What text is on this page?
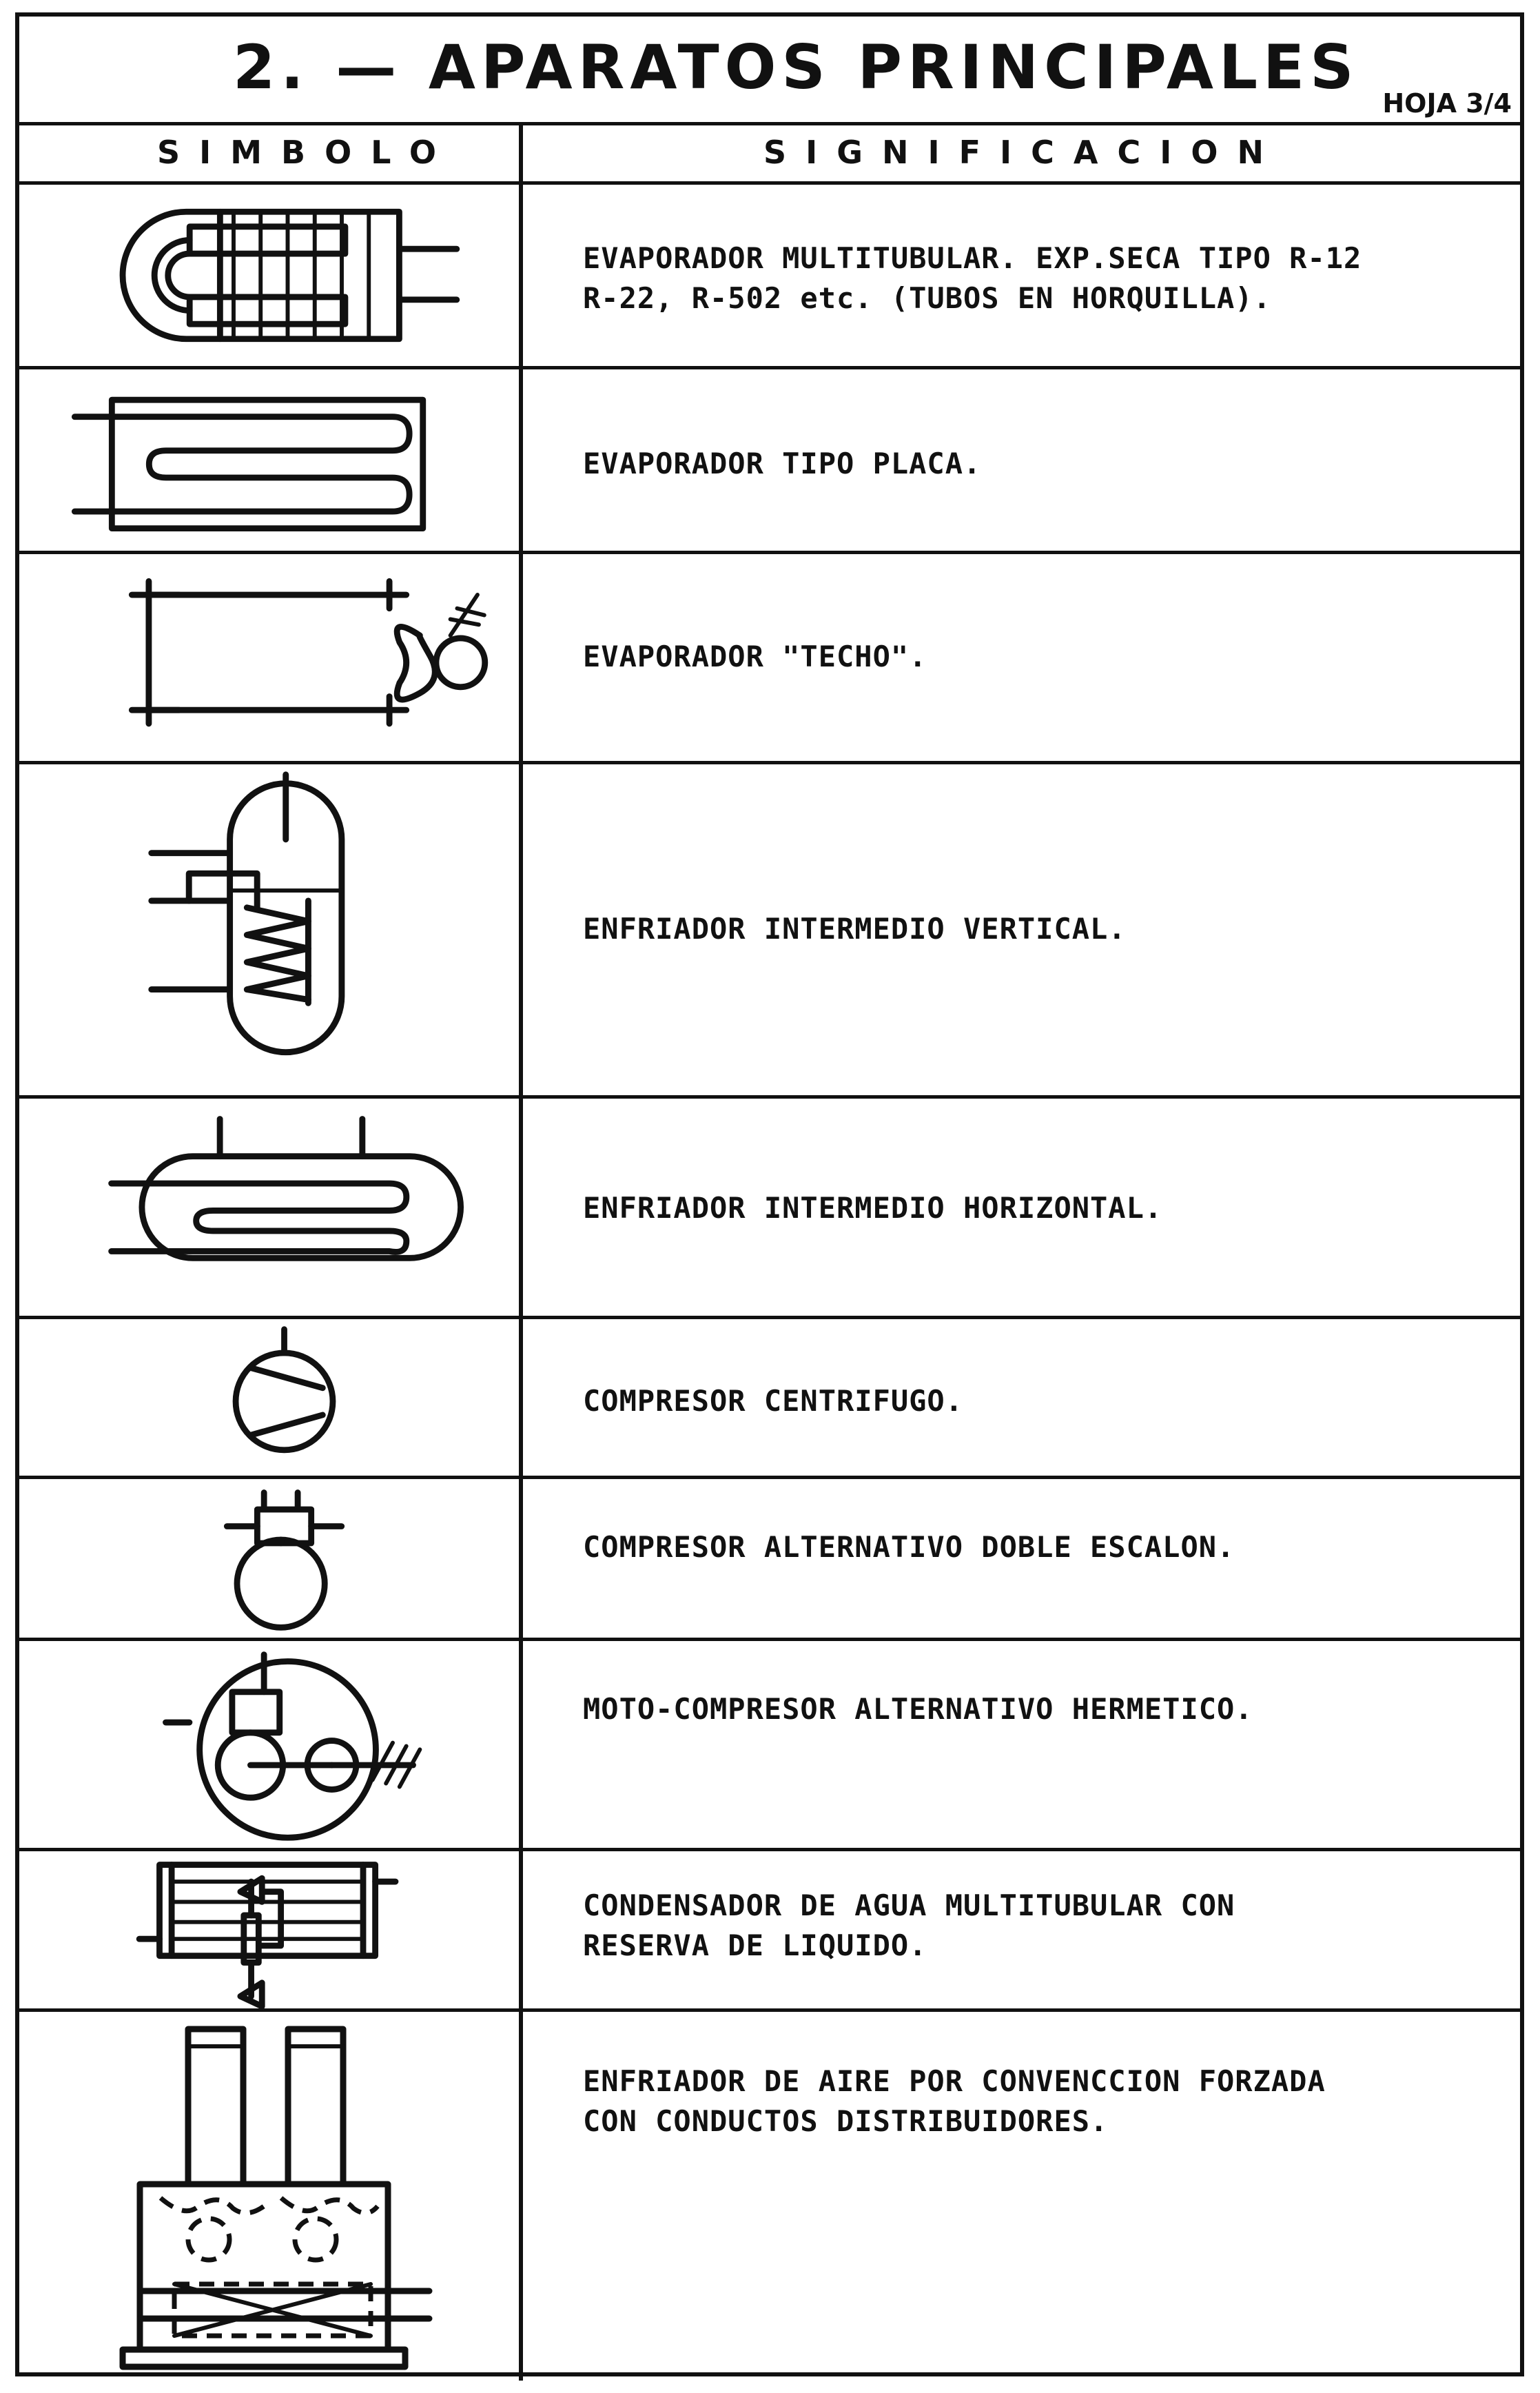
2. — APARATOS PRINCIPALES
HOJA 3/4
SIMBOLO	SIGNIFICACION
EVAPORADOR MULTITUBULAR. EXP.SECA TIPO R-12
R-22, R-502 etc. (TUBOS EN HORQUILLA).
EVAPORADOR TIPO PLACA.
EVAPORADOR "TECHO".
ENFRIADOR INTERMEDIO VERTICAL.
ENFRIADOR INTERMEDIO HORIZONTAL.
COMPRESOR CENTRIFUGO.
COMPRESOR ALTERNATIVO DOBLE ESCALON.
MOTO-COMPRESOR ALTERNATIVO HERMETICO.
CONDENSADOR DE AGUA MULTITUBULAR CON
RESERVA DE LIQUIDO.
ENFRIADOR DE AIRE POR CONVENCCION FORZADA
CON CONDUCTOS DISTRIBUIDORES.
